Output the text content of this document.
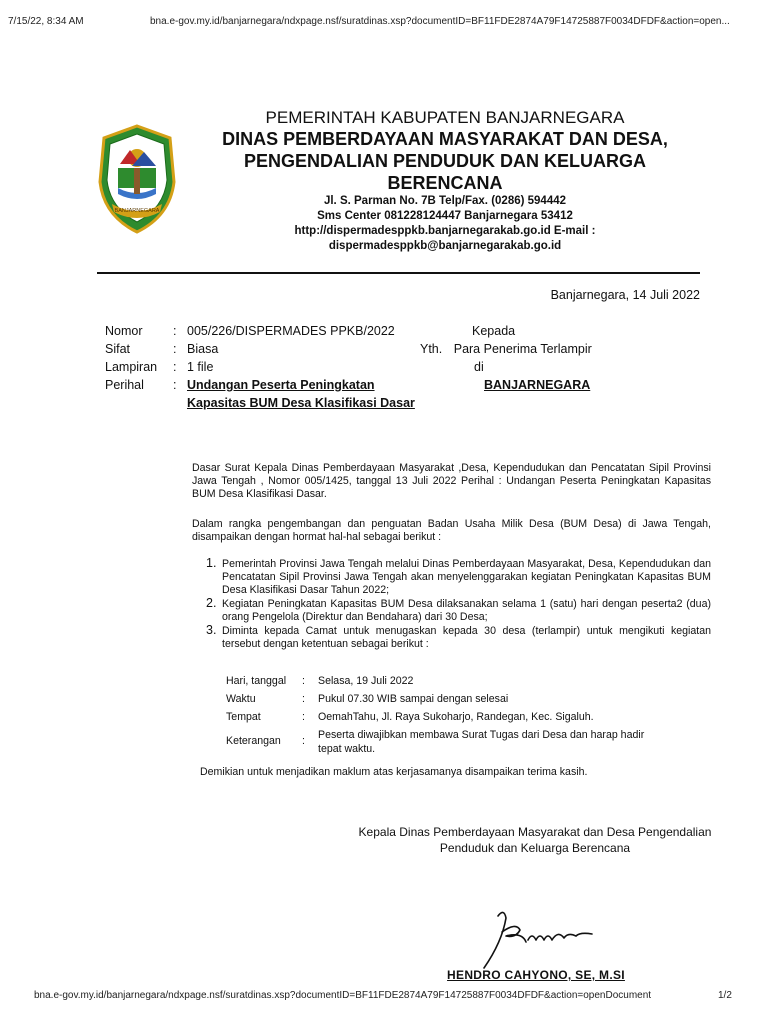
7/15/22, 8:34 AM	bna.e-gov.my.id/banjarnegara/ndxpage.nsf/suratdinas.xsp?documentID=BF11FDE2874A79F14725887F0034DFDF&action=open...
BANJARNEGARA
PEMERINTAH KABUPATEN BANJARNEGARA
DINAS PEMBERDAYAAN MASYARAKAT DAN DESA,
PENGENDALIAN PENDUDUK DAN KELUARGA
BERENCANA
Jl. S. Parman No. 7B Telp/Fax. (0286) 594442
Sms Center 081228124447 Banjarnegara 53412
http://dispermadesppkb.banjarnegarakab.go.id E-mail :
dispermadesppkb@banjarnegarakab.go.id
Banjarnegara, 14 Juli 2022
Nomor	:	005/226/DISPERMADES PPKB/2022
Sifat	:	Biasa
Lampiran	:	1 file
Perihal	:	Undangan Peserta Peningkatan
Kapasitas BUM Desa Klasifikasi Dasar
Kepada
Yth. Para Penerima Terlampir
di
BANJARNEGARA
Dasar Surat Kepala Dinas Pemberdayaan Masyarakat ,Desa, Kependudukan dan Pencatatan Sipil Provinsi Jawa Tengah , Nomor 005/1425, tanggal 13 Juli 2022 Perihal : Undangan Peserta Peningkatan Kapasitas BUM Desa Klasifikasi Dasar.
Dalam rangka pengembangan dan penguatan Badan Usaha Milik Desa (BUM Desa) di Jawa Tengah, disampaikan dengan hormat hal-hal sebagai berikut :
1. Pemerintah Provinsi Jawa Tengah melalui Dinas Pemberdayaan Masyarakat, Desa, Kependudukan dan Pencatatan Sipil Provinsi Jawa Tengah akan menyelenggarakan kegiatan Peningkatan Kapasitas BUM Desa Klasifikasi Dasar Tahun 2022;
2. Kegiatan Peningkatan Kapasitas BUM Desa dilaksanakan selama 1 (satu) hari dengan peserta2 (dua) orang Pengelola (Direktur dan Bendahara) dari 30 Desa;
3. Diminta kepada Camat untuk menugaskan kepada 30 desa (terlampir) untuk mengikuti kegiatan tersebut dengan ketentuan sebagai berikut :
Hari, tanggal	:	Selasa, 19 Juli 2022
Waktu	:	Pukul 07.30 WIB sampai dengan selesai
Tempat	:	OemahTahu, Jl. Raya Sukoharjo, Randegan, Kec. Sigaluh.
Keterangan	:	Peserta diwajibkan membawa Surat Tugas dari Desa dan harap hadir tepat waktu.
Demikian untuk menjadikan maklum atas kerjasamanya disampaikan terima kasih.
Kepala Dinas Pemberdayaan Masyarakat dan Desa Pengendalian
Penduduk dan Keluarga Berencana
HENDRO CAHYONO, SE, M.SI
bna.e-gov.my.id/banjarnegara/ndxpage.nsf/suratdinas.xsp?documentID=BF11FDE2874A79F14725887F0034DFDF&action=openDocument	1/2
